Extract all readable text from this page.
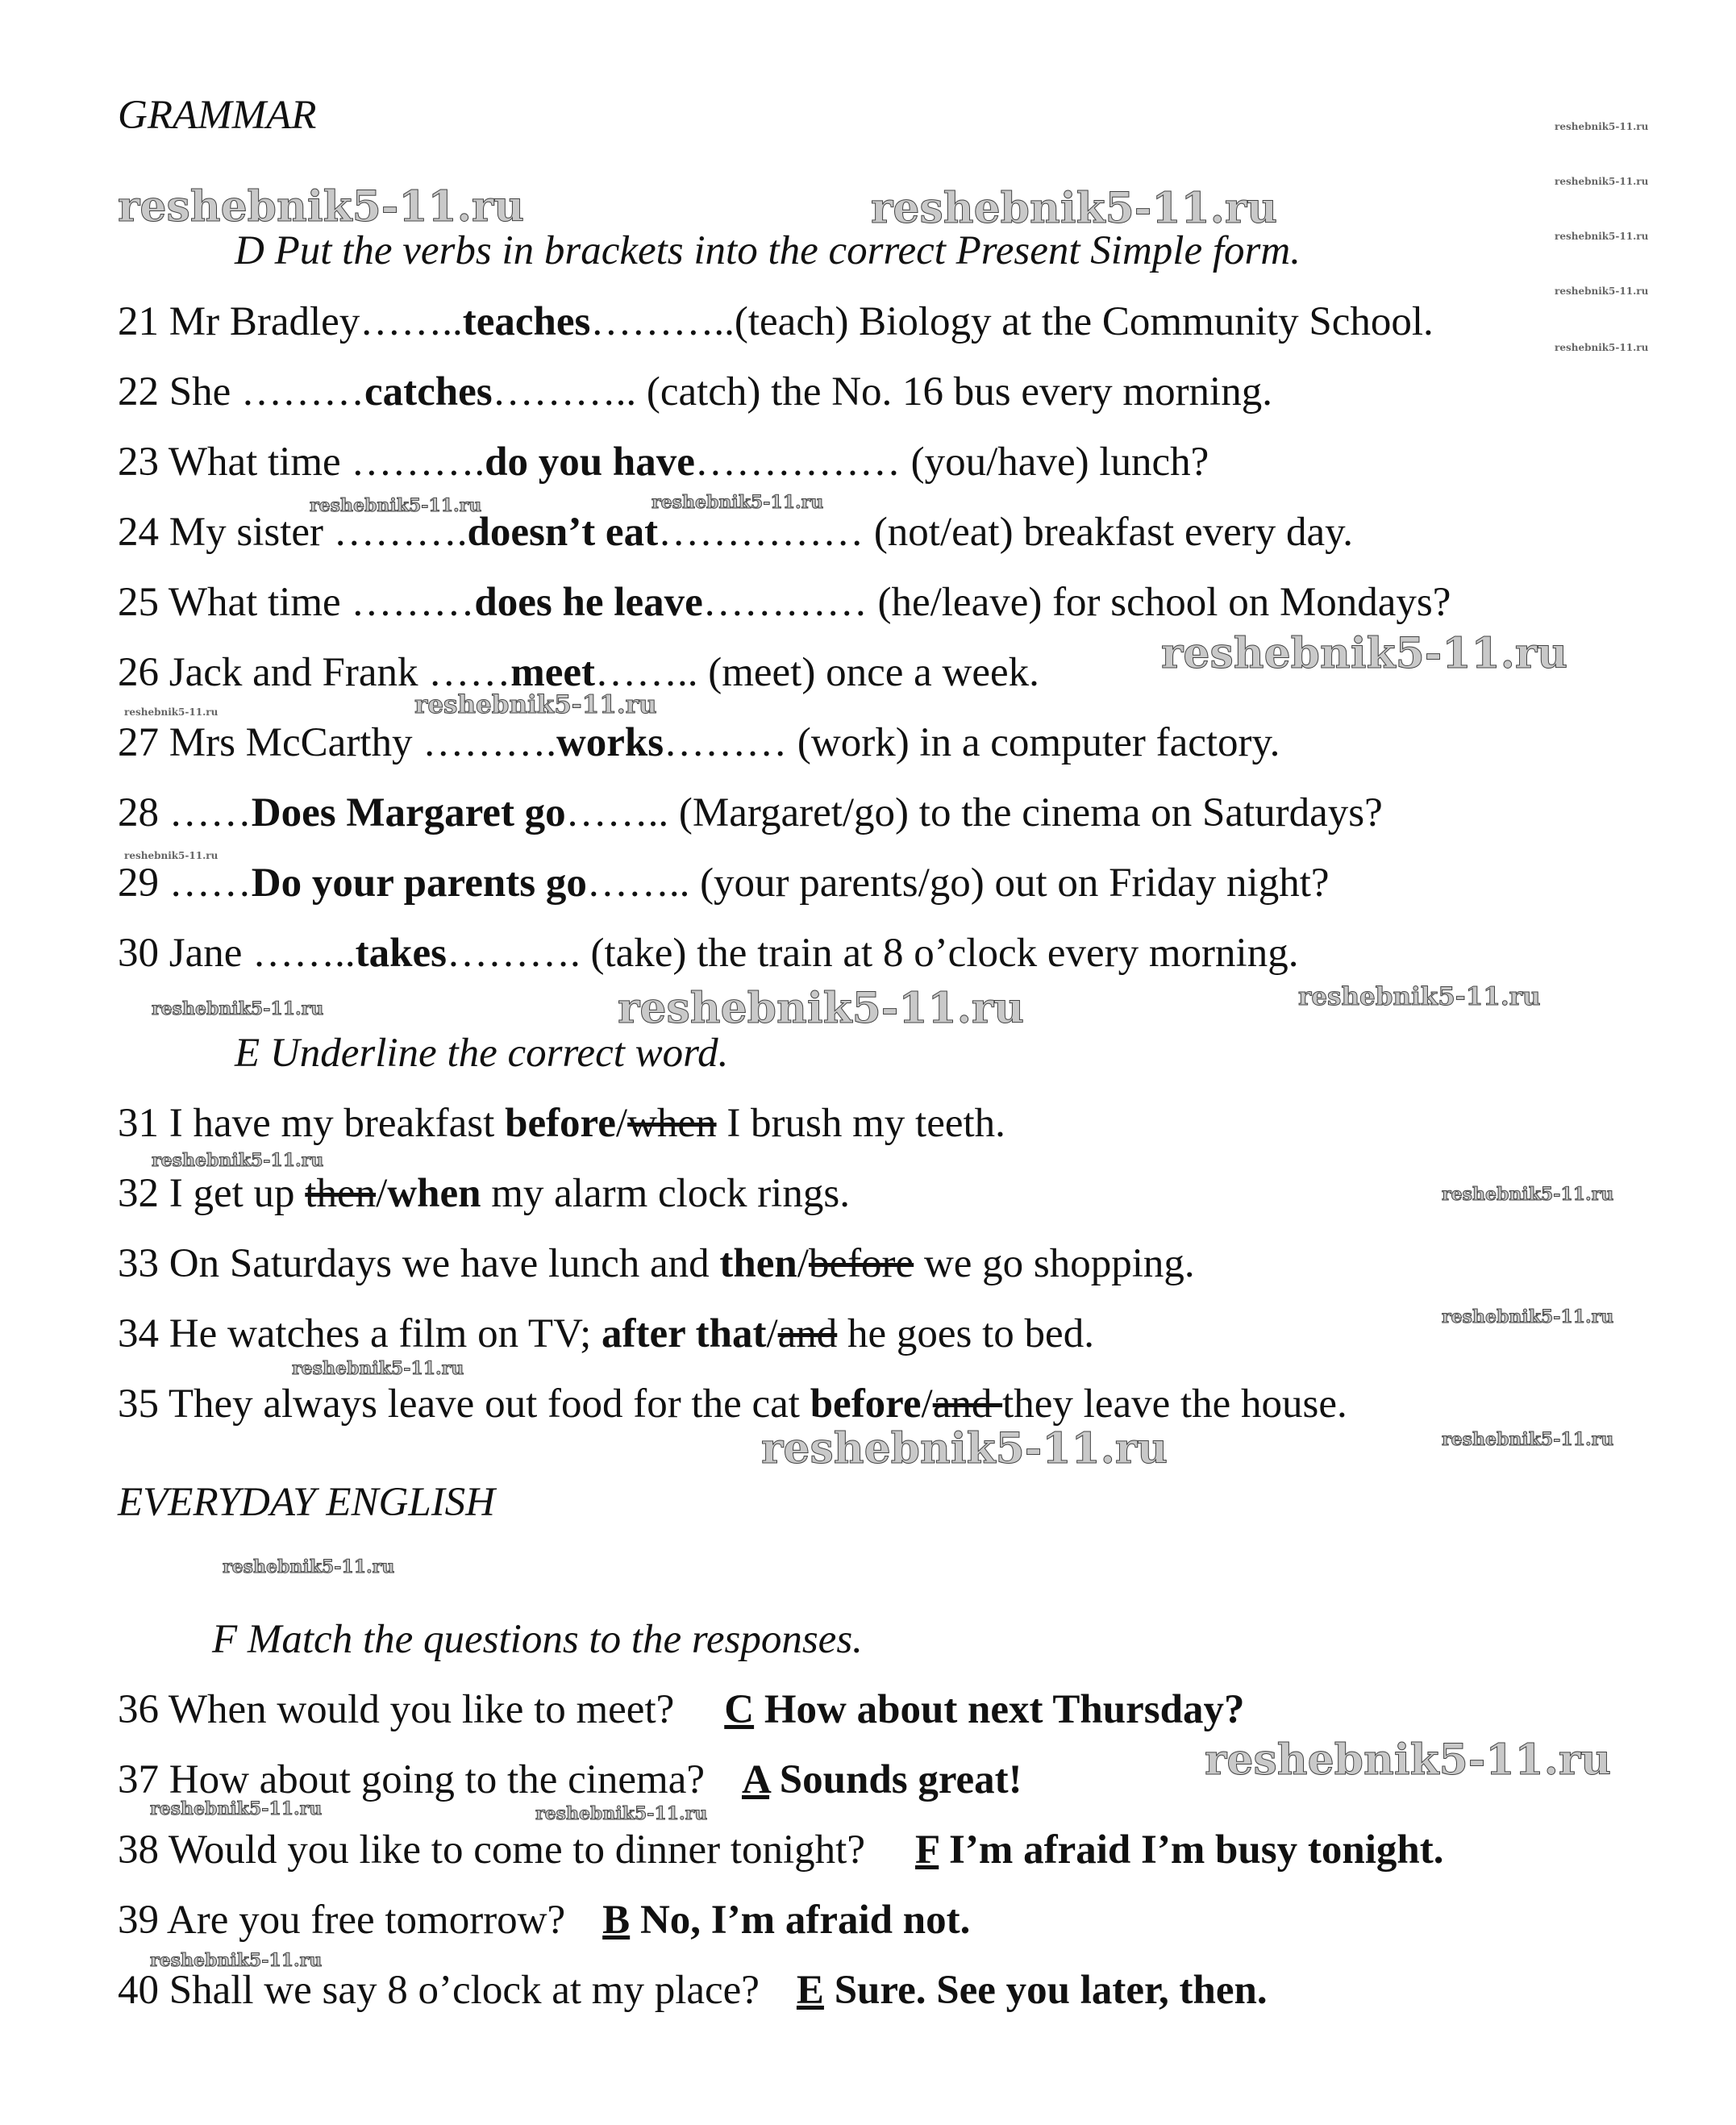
GRAMMAR
D Put the verbs in brackets into the correct Present Simple form.
21 Mr Bradley……..teaches………..(teach) Biology at the Community School.
22 She ………catches……….. (catch) the No. 16 bus every morning.
23 What time ……….do you have…………… (you/have) lunch?
24 My sister ……….doesn’t eat…………… (not/eat) breakfast every day.
25 What time ………does he leave………… (he/leave) for school on Mondays?
26 Jack and Frank ……meet…….. (meet) once a week.
27 Mrs McCarthy ……….works……… (work) in a computer factory.
28 ……Does Margaret go…….. (Margaret/go) to the cinema on Saturdays?
29 ……Do your parents go…….. (your parents/go) out on Friday night?
30 Jane ……..takes………. (take) the train at 8 o’clock every morning.
E Underline the correct word.
31 I have my breakfast before/when I brush my teeth.
32 I get up then/when my alarm clock rings.
33 On Saturdays we have lunch and then/before we go shopping.
34 He watches a film on TV; after that/and he goes to bed.
35 They always leave out food for the cat before/and they leave the house.
EVERYDAY ENGLISH
F Match the questions to the responses.
36 When would you like to meet? C How about next Thursday?
37 How about going to the cinema? A Sounds great!
38 Would you like to come to dinner tonight? F I’m afraid I’m busy tonight.
39 Are you free tomorrow? B No, I’m afraid not.
40 Shall we say 8 o’clock at my place? E Sure. See you later, then.
reshebnik5-11.ru	reshebnik5-11.ru
reshebnik5-11.ru
reshebnik5-11.ru
reshebnik5-11.ru
reshebnik5-11.ru
reshebnik5-11.ru
reshebnik5-11.ru
reshebnik5-11.ru	reshebnik5-11.ru
reshebnik5-11.ru
reshebnik5-11.ru
reshebnik5-11.ru
reshebnik5-11.ru
reshebnik5-11.ru
reshebnik5-11.ru
reshebnik5-11.ru
reshebnik5-11.ru	reshebnik5-11.ru
reshebnik5-11.ru
reshebnik5-11.ru
reshebnik5-11.ru
reshebnik5-11.ru
reshebnik5-11.ru
reshebnik5-11.ru
reshebnik5-11.ru
reshebnik5-11.ru
